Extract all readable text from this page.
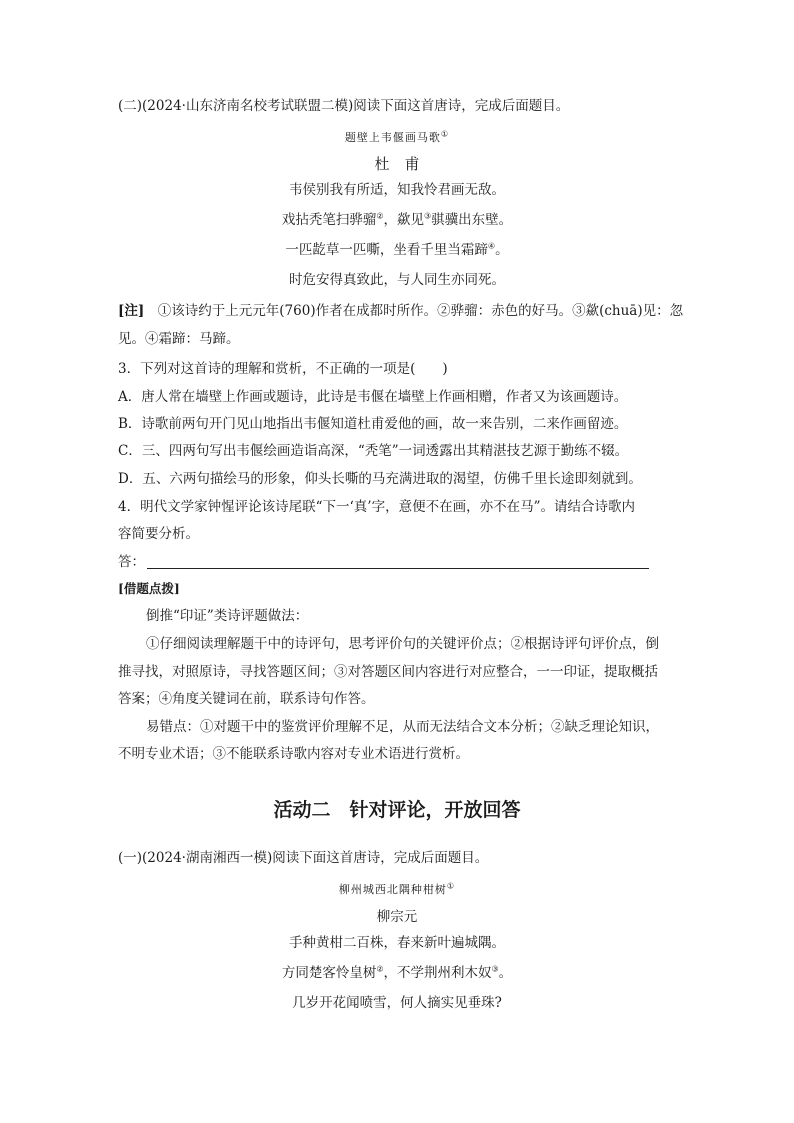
(二)(2024·山东济南名校考试联盟二模)阅读下面这首唐诗，完成后面题目。
题壁上韦偃画马歌①
杜　甫
韦侯别我有所适，知我怜君画无敌。
戏拈秃笔扫骅骝②，歘见③骐骥出东壁。
一匹龁草一匹嘶，坐看千里当霜蹄④。
时危安得真致此，与人同生亦同死。
[注]　①该诗约于上元元年(760)作者在成都时所作。②骅骝：赤色的好马。③歘(chuā)见：忽
见。④霜蹄：马蹄。
3．下列对这首诗的理解和赏析，不正确的一项是(　　)
A．唐人常在墙壁上作画或题诗，此诗是韦偃在墙壁上作画相赠，作者又为该画题诗。
B．诗歌前两句开门见山地指出韦偃知道杜甫爱他的画，故一来告别，二来作画留迹。
C．三、四两句写出韦偃绘画造诣高深，“秃笔”一词透露出其精湛技艺源于勤练不辍。
D．五、六两句描绘马的形象，仰头长嘶的马充满进取的渴望，仿佛千里长途即刻就到。
4．明代文学家钟惺评论该诗尾联“下一‘真’字，意便不在画，亦不在马”。请结合诗歌内
容简要分析。
答：
[借题点拨]
倒推“印证”类诗评题做法：
①仔细阅读理解题干中的诗评句，思考评价句的关键评价点；②根据诗评句评价点，倒
推寻找，对照原诗，寻找答题区间；③对答题区间内容进行对应整合，一一印证，提取概括
答案；④角度关键词在前，联系诗句作答。
易错点：①对题干中的鉴赏评价理解不足，从而无法结合文本分析；②缺乏理论知识，
不明专业术语；③不能联系诗歌内容对专业术语进行赏析。
活动二　针对评论，开放回答
(一)(2024·湖南湘西一模)阅读下面这首唐诗，完成后面题目。
柳州城西北隅种柑树①
柳宗元
手种黄柑二百株，春来新叶遍城隅。
方同楚客怜皇树②，不学荆州利木奴③。
几岁开花闻喷雪，何人摘实见垂珠?
